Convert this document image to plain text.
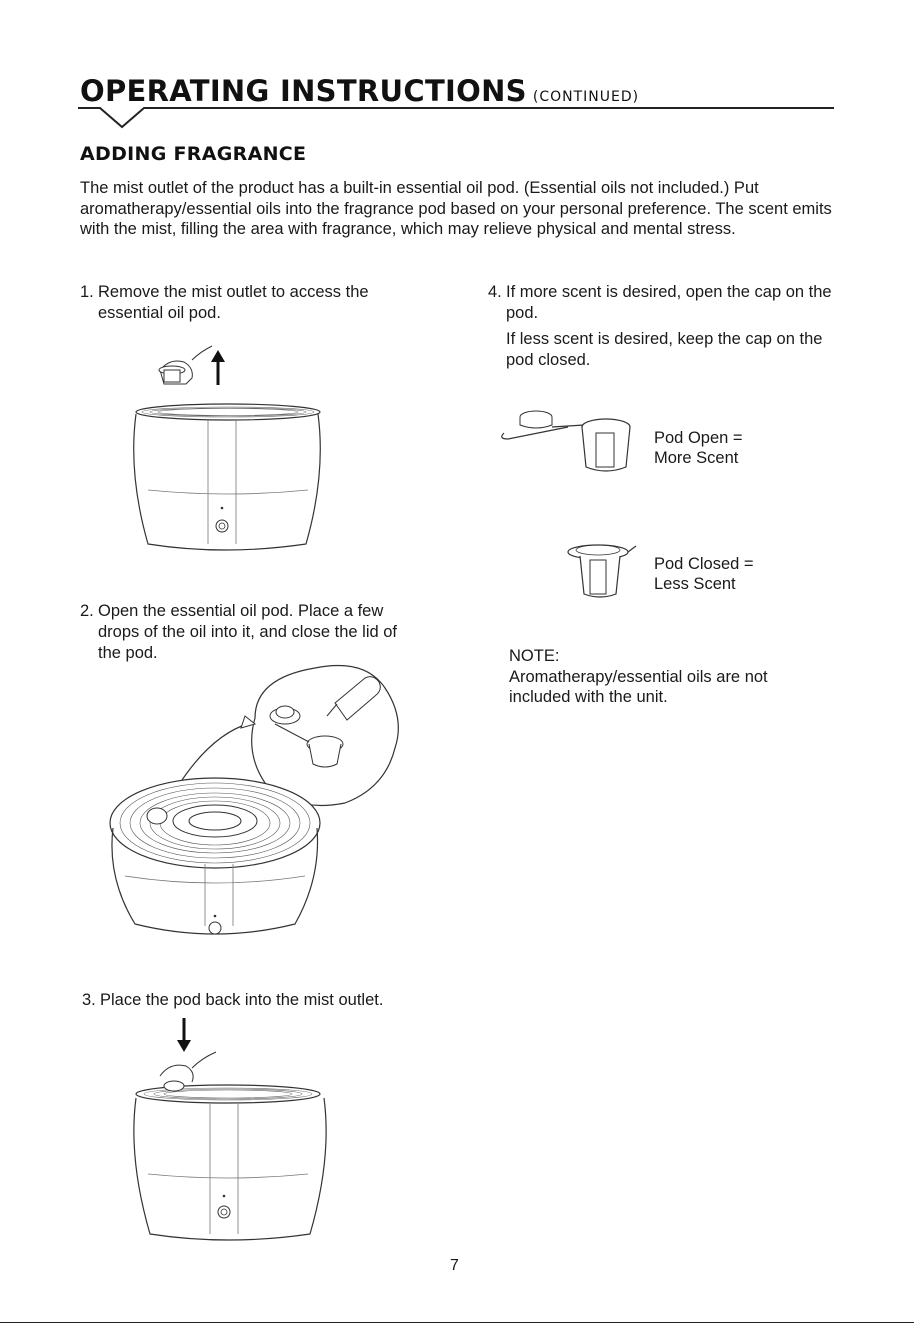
OPERATING INSTRUCTIONS (CONTINUED)
ADDING FRAGRANCE
The mist outlet of the product has a built-in essential oil pod. (Essential oils not included.) Put aromatherapy/essential oils into the fragrance pod based on your personal preference. The scent emits with the mist, filling the area with fragrance, which may relieve physical and mental stress.
1. Remove the mist outlet to access the essential oil pod.

2. Open the essential oil pod. Place a few drops of the oil into it, and close the lid of the pod.

3. Place the pod back into the mist outlet.

4. If more scent is desired, open the cap on the pod.

If less scent is desired, keep the cap on the pod closed.

Pod Open =
More Scent
Pod Closed =
Less Scent
NOTE:
Aromatherapy/essential oils are not included with the unit.
7
